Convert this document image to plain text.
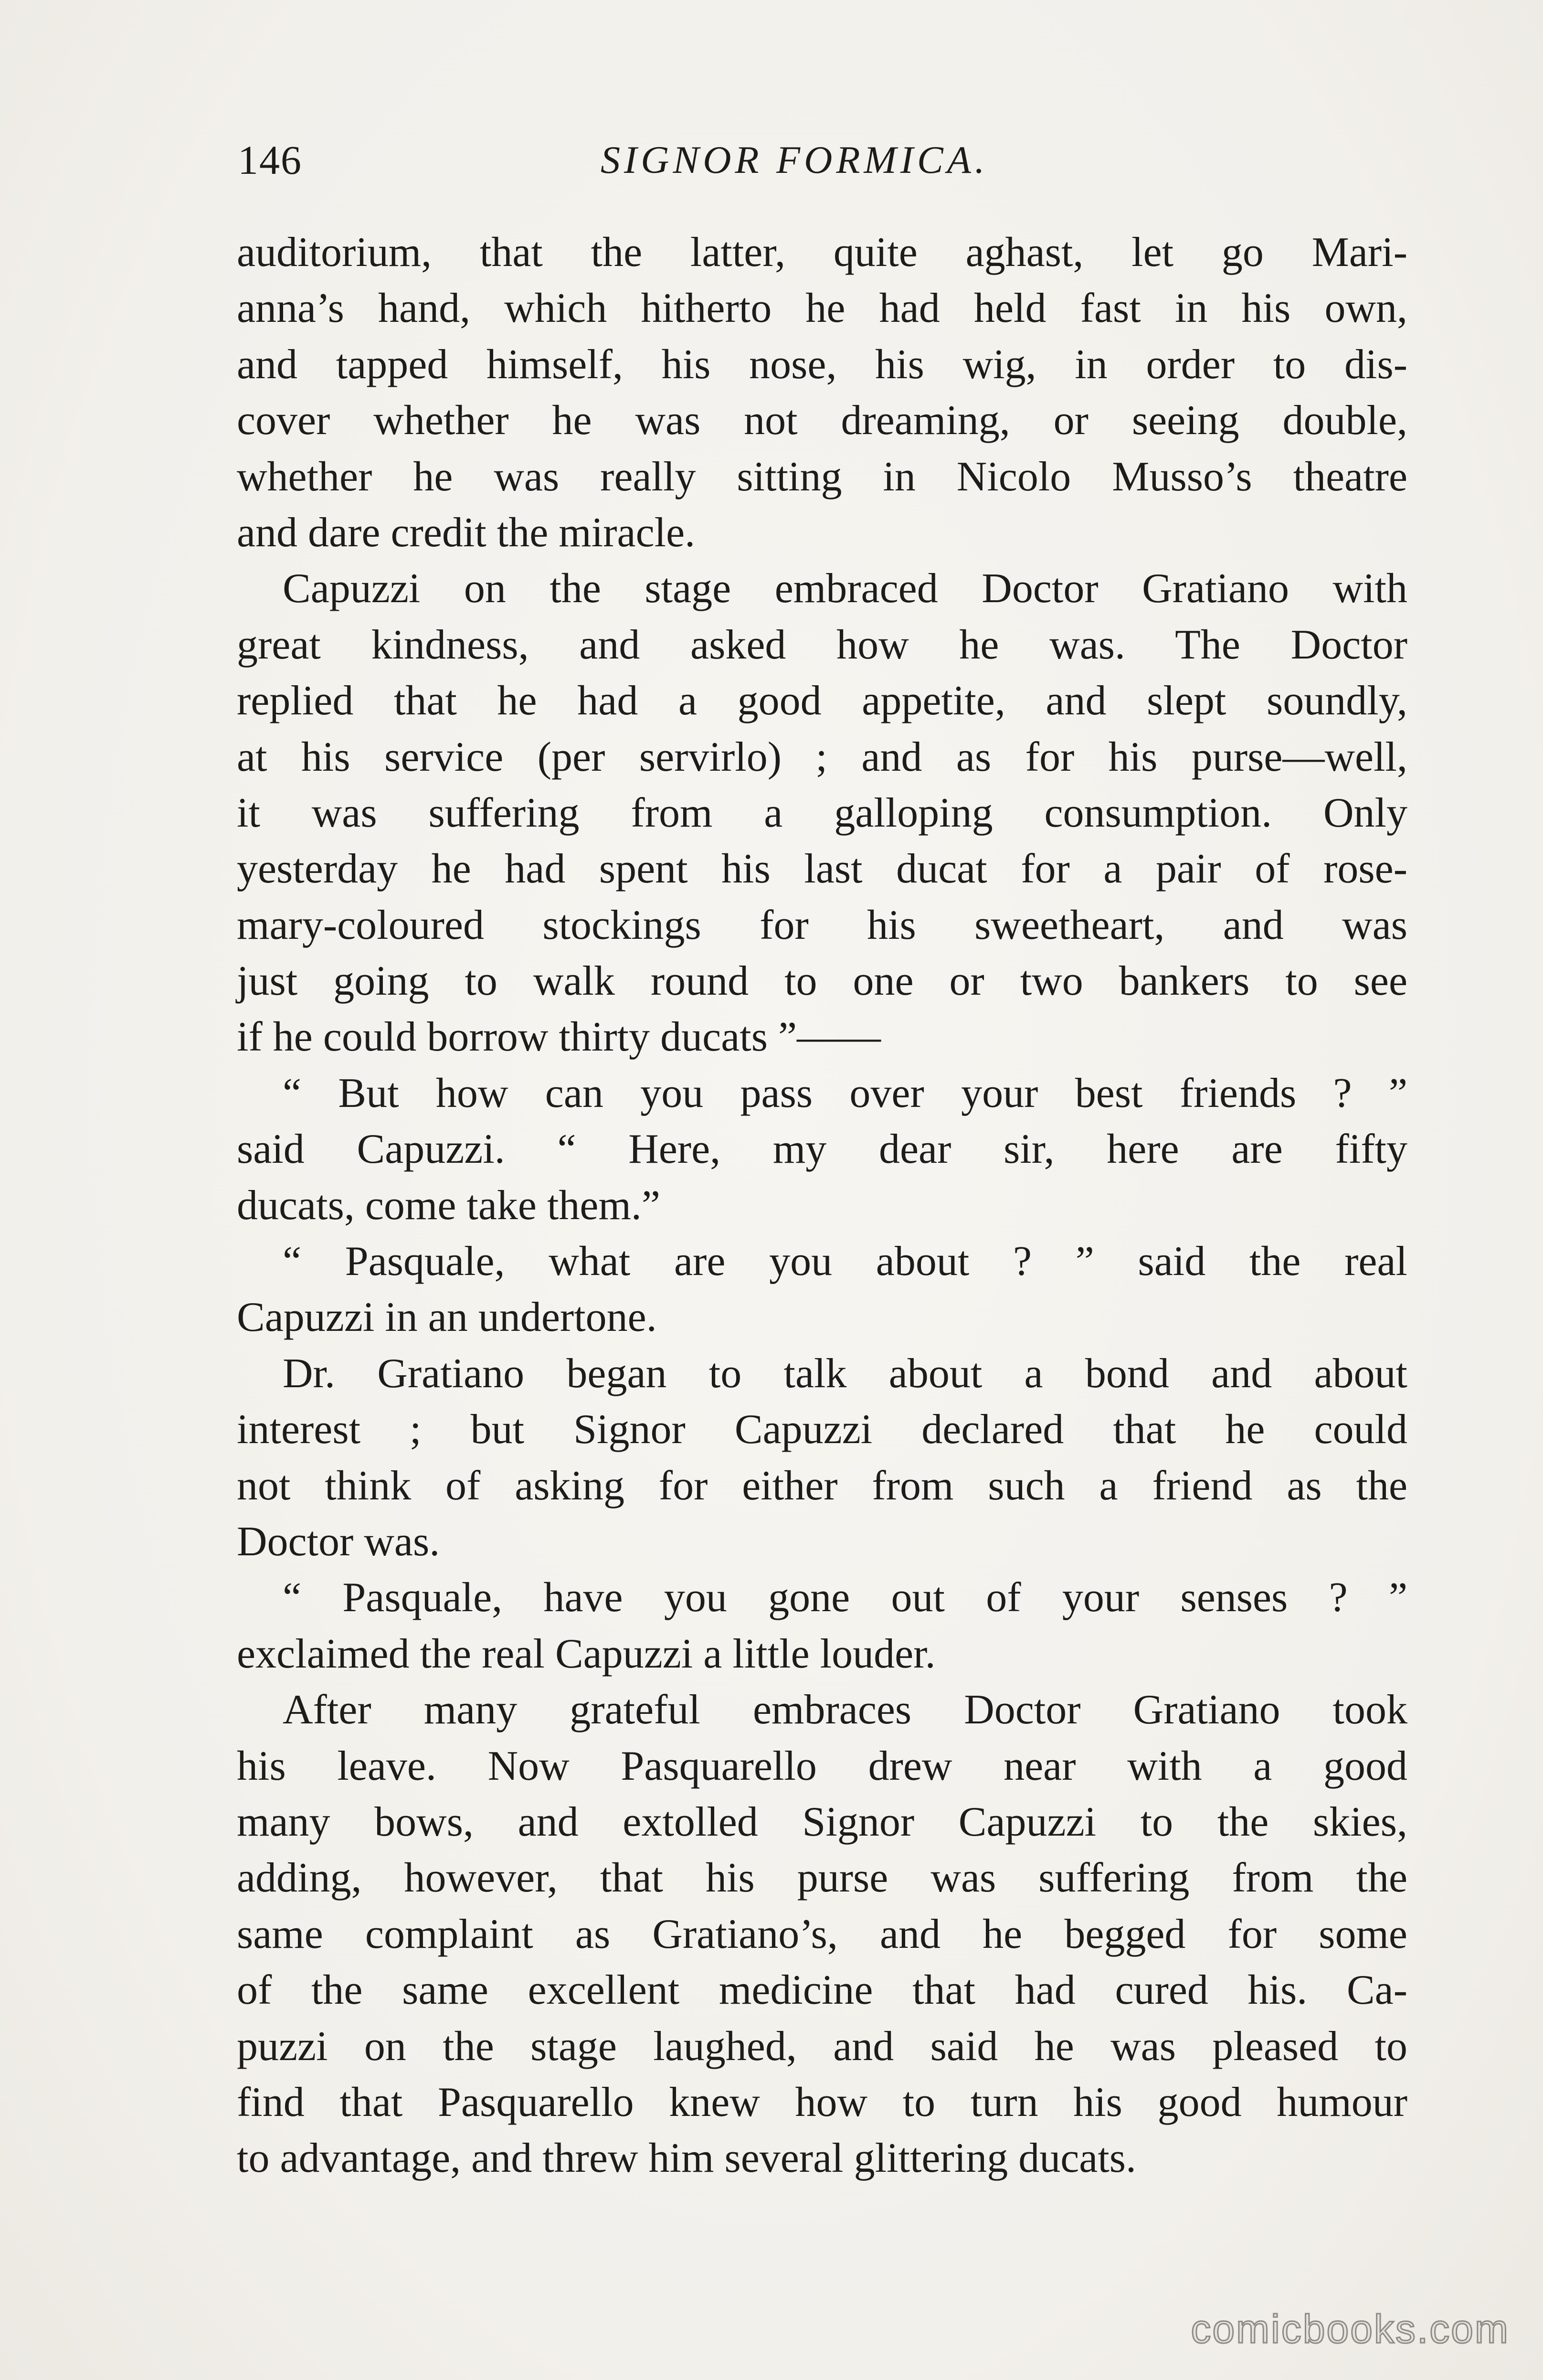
146	SIGNOR FORMICA.
auditorium, that the latter, quite aghast, let go Mari-
anna’s hand, which hitherto he had held fast in his own,
and tapped himself, his nose, his wig, in order to dis-
cover whether he was not dreaming, or seeing double,
whether he was really sitting in Nicolo Musso’s theatre
and dare credit the miracle.
Capuzzi on the stage embraced Doctor Gratiano with
great kindness, and asked how he was. The Doctor
replied that he had a good appetite, and slept soundly,
at his service (per servirlo) ; and as for his purse—well,
it was suffering from a galloping consumption. Only
yesterday he had spent his last ducat for a pair of rose-
mary-coloured stockings for his sweetheart, and was
just going to walk round to one or two bankers to see
if he could borrow thirty ducats ”——
“ But how can you pass over your best friends ? ”
said Capuzzi. “ Here, my dear sir, here are fifty
ducats, come take them.”
“ Pasquale, what are you about ? ” said the real
Capuzzi in an undertone.
Dr. Gratiano began to talk about a bond and about
interest ; but Signor Capuzzi declared that he could
not think of asking for either from such a friend as the
Doctor was.
“ Pasquale, have you gone out of your senses ? ”
exclaimed the real Capuzzi a little louder.
After many grateful embraces Doctor Gratiano took
his leave. Now Pasquarello drew near with a good
many bows, and extolled Signor Capuzzi to the skies,
adding, however, that his purse was suffering from the
same complaint as Gratiano’s, and he begged for some
of the same excellent medicine that had cured his. Ca-
puzzi on the stage laughed, and said he was pleased to
find that Pasquarello knew how to turn his good humour
to advantage, and threw him several glittering ducats.
comicbooks.com
